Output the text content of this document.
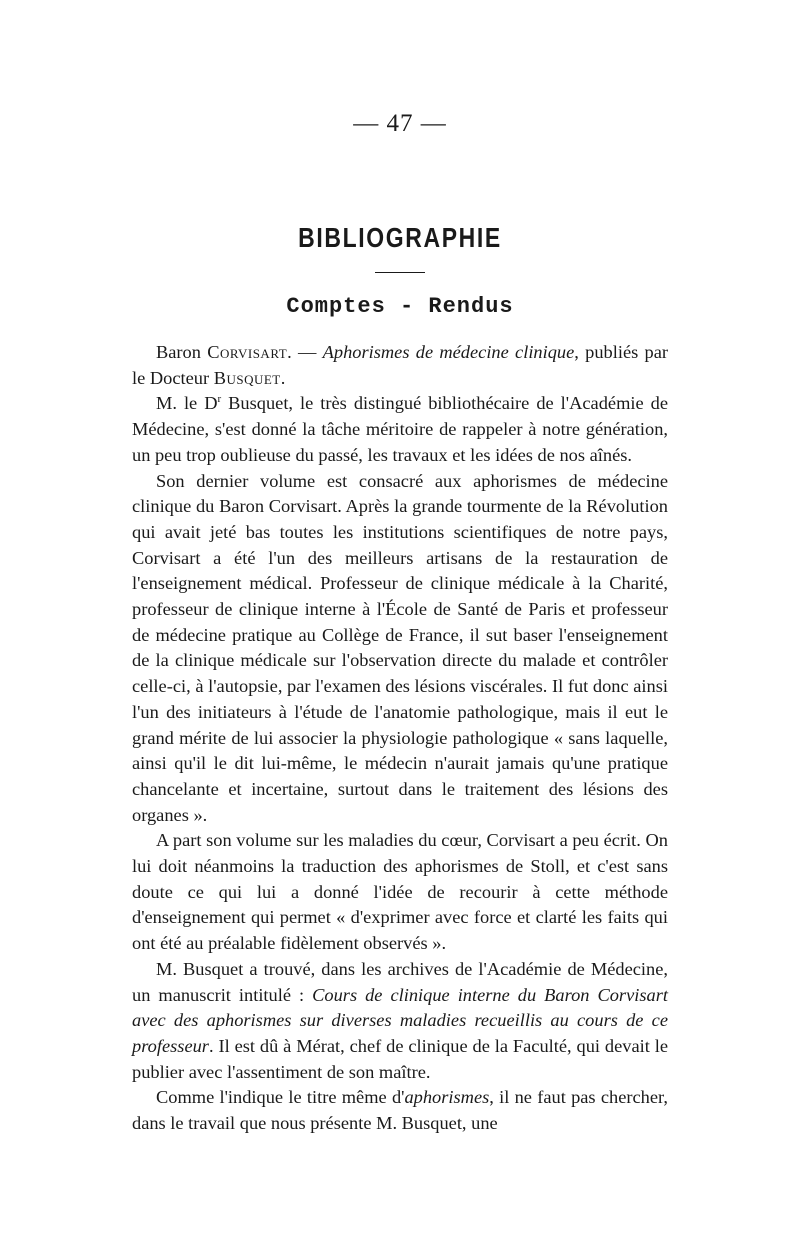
— 47 —
BIBLIOGRAPHIE
Comptes - Rendus

Baron Corvisart. — Aphorismes de médecine clinique, publiés par le Docteur Busquet.

M. le $D^r$ Busquet, le très distingué bibliothécaire de l'Académie de Médecine, s'est donné la tâche méritoire de rappeler à notre génération, un peu trop oublieuse du passé, les travaux et les idées de nos aînés.

Son dernier volume est consacré aux aphorismes de médecine clinique du Baron Corvisart. Après la grande tourmente de la Révolution qui avait jeté bas toutes les institutions scientifiques de notre pays, Corvisart a été l'un des meilleurs artisans de la restauration de l'enseignement médical. Professeur de clinique médicale à la Charité, professeur de clinique interne à l'École de Santé de Paris et professeur de médecine pratique au Collège de France, il sut baser l'enseignement de la clinique médicale sur l'observation directe du malade et contrôler celle-ci, à l'autopsie, par l'examen des lésions viscérales. Il fut donc ainsi l'un des initiateurs à l'étude de l'anatomie pathologique, mais il eut le grand mérite de lui associer la physiologie pathologique « sans laquelle, ainsi qu'il le dit lui-même, le médecin n'aurait jamais qu'une pratique chancelante et incertaine, surtout dans le traitement des lésions des organes ».

A part son volume sur les maladies du cœur, Corvisart a peu écrit. On lui doit néanmoins la traduction des aphorismes de Stoll, et c'est sans doute ce qui lui a donné l'idée de recourir à cette méthode d'enseignement qui permet « d'exprimer avec force et clarté les faits qui ont été au préalable fidèlement observés ».

M. Busquet a trouvé, dans les archives de l'Académie de Médecine, un manuscrit intitulé : Cours de clinique interne du Baron Corvisart avec des aphorismes sur diverses maladies recueillis au cours de ce professeur. Il est dû à Mérat, chef de clinique de la Faculté, qui devait le publier avec l'assentiment de son maître.

Comme l'indique le titre même d'aphorismes, il ne faut pas chercher, dans le travail que nous présente M. Busquet, une
